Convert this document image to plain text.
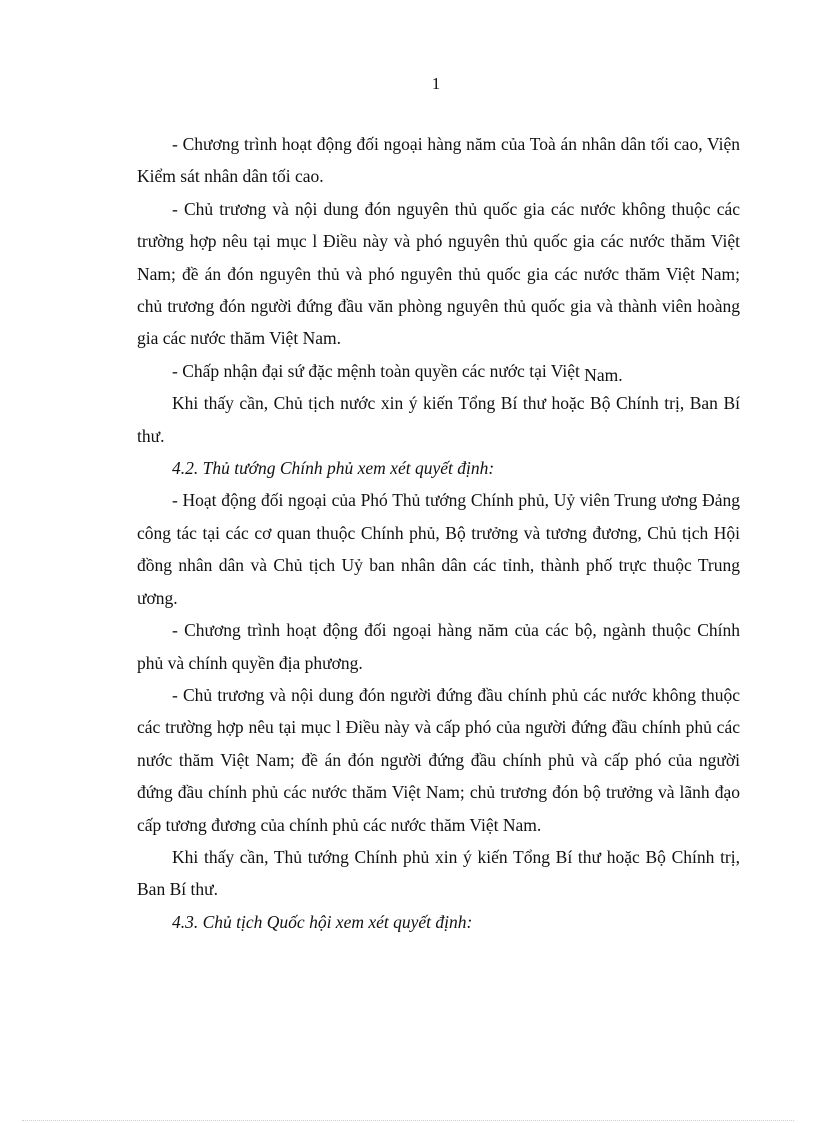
1

- Chương trình hoạt động đối ngoại hàng năm của Toà án nhân dân tối cao, Viện Kiểm sát nhân dân tối cao.

- Chủ trương và nội dung đón nguyên thủ quốc gia các nước không thuộc các trường hợp nêu tại mục l Điều này và phó nguyên thủ quốc gia các nước thăm Việt Nam; đề án đón nguyên thủ và phó nguyên thủ quốc gia các nước thăm Việt Nam; chủ trương đón người đứng đầu văn phòng nguyên thủ quốc gia và thành viên hoàng gia các nước thăm Việt Nam.

- Chấp nhận đại sứ đặc mệnh toàn quyền các nước tại Việt Nam.

Khi thấy cần, Chủ tịch nước xin ý kiến Tổng Bí thư hoặc Bộ Chính trị, Ban Bí thư.

4.2. Thủ tướng Chính phủ xem xét quyết định:

- Hoạt động đối ngoại của Phó Thủ tướng Chính phủ, Uỷ viên Trung ương Đảng công tác tại các cơ quan thuộc Chính phủ, Bộ trưởng và tương đương, Chủ tịch Hội đồng nhân dân và Chủ tịch Uỷ ban nhân dân các tỉnh, thành phố trực thuộc Trung ương.

- Chương trình hoạt động đối ngoại hàng năm của các bộ, ngành thuộc Chính phủ và chính quyền địa phương.

- Chủ trương và nội dung đón người đứng đầu chính phủ các nước không thuộc các trường hợp nêu tại mục l Điều này và cấp phó của người đứng đầu chính phủ các nước thăm Việt Nam; đề án đón người đứng đầu chính phủ và cấp phó của người đứng đầu chính phủ các nước thăm Việt Nam; chủ trương đón bộ trưởng và lãnh đạo cấp tương đương của chính phủ các nước thăm Việt Nam.

Khi thấy cần, Thủ tướng Chính phủ xin ý kiến Tổng Bí thư hoặc Bộ Chính trị, Ban Bí thư.

4.3. Chủ tịch Quốc hội xem xét quyết định:
